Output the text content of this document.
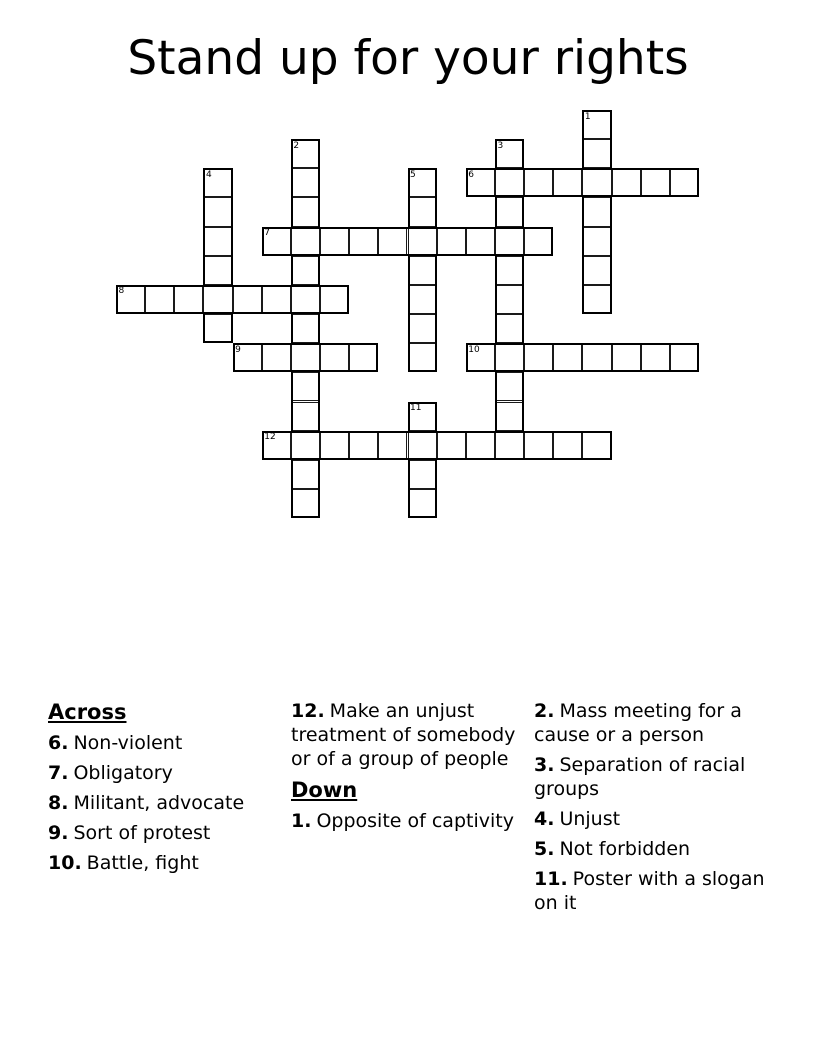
Stand up for your rights
1
2	3
4	5	6
7
8
9	10
11
12
Across

6. Non-violent

7. Obligatory

8. Militant, advocate

9. Sort of protest

10. Battle, fight

12. Make an unjust treatment of somebody or of a group of people

Down

1. Opposite of captivity

2. Mass meeting for a cause or a person

3. Separation of racial groups

4. Unjust

5. Not forbidden

11. Poster with a slogan on it
